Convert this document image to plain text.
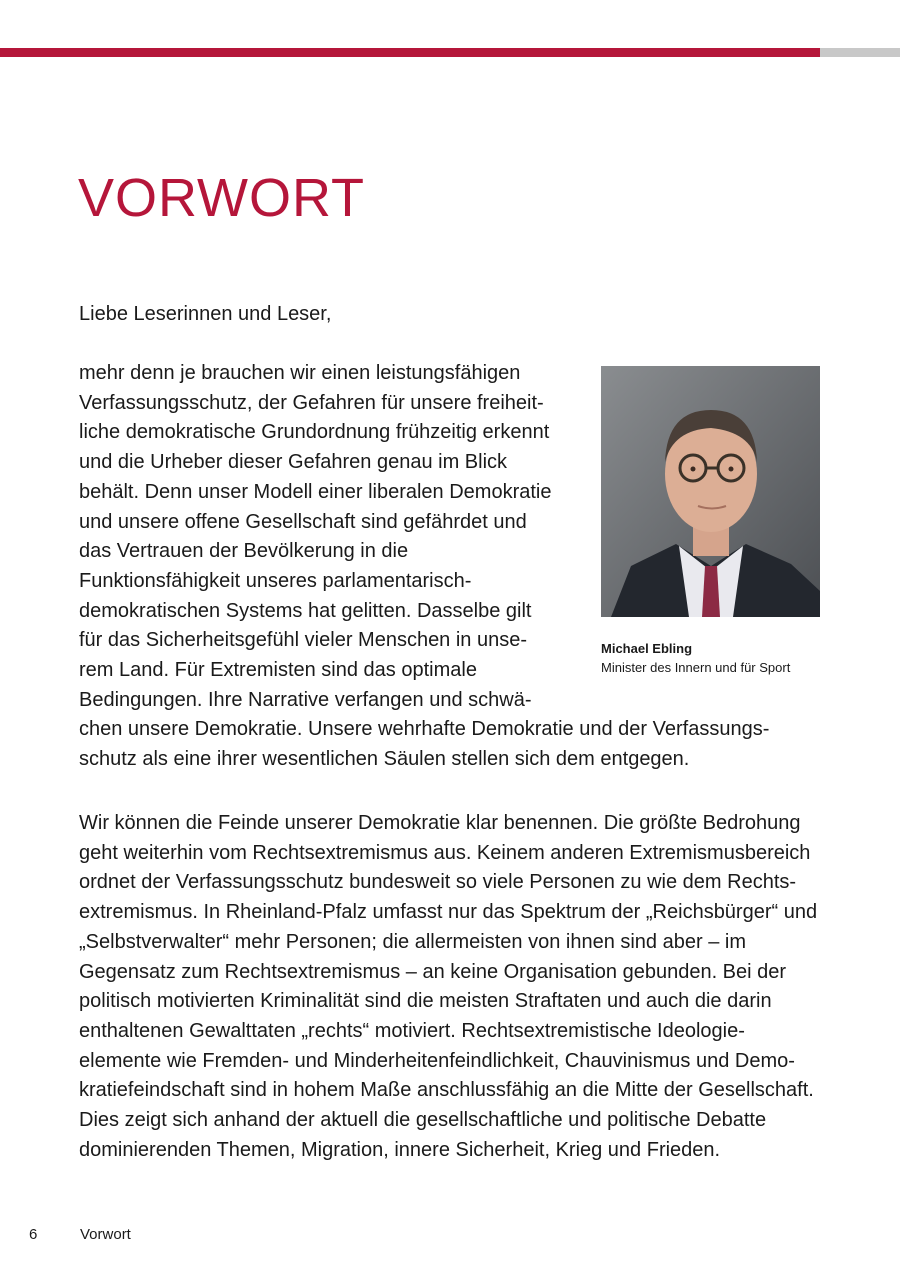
VORWORT

Liebe Leserinnen und Leser,

mehr denn je brauchen wir einen leistungsfähigen Verfassungsschutz, der Gefahren für unsere freiheit-liche demokratische Grundordnung frühzeitig erkennt und die Urheber dieser Gefahren genau im Blick behält. Denn unser Modell einer liberalen Demokratie und unsere offene Gesellschaft sind gefährdet und das Vertrauen der Bevölkerung in die Funktionsfähigkeit unseres parlamentarisch-demokratischen Systems hat gelitten. Dasselbe gilt für das Sicherheitsgefühl vieler Menschen in unse-rem Land. Für Extremisten sind das optimale Bedingungen. Ihre Narrative verfangen und schwä-chen unsere Demokratie. Unsere wehrhafte Demokratie und der Verfassungs-schutz als eine ihrer wesentlichen Säulen stellen sich dem entgegen.

Michael Ebling

Minister des Innern und für Sport

Wir können die Feinde unserer Demokratie klar benennen. Die größte Bedrohung geht weiterhin vom Rechtsextremismus aus. Keinem anderen Extremismusbereich ordnet der Verfassungsschutz bundesweit so viele Personen zu wie dem Rechts-extremismus. In Rheinland-Pfalz umfasst nur das Spektrum der „Reichsbürger“ und „Selbstverwalter“ mehr Personen; die allermeisten von ihnen sind aber – im Gegensatz zum Rechtsextremismus – an keine Organisation gebunden. Bei der politisch motivierten Kriminalität sind die meisten Straftaten und auch die darin enthaltenen Gewalttaten „rechts“ motiviert. Rechtsextremistische Ideologie-elemente wie Fremden- und Minderheitenfeindlichkeit, Chauvinismus und Demo-kratiefeindschaft sind in hohem Maße anschlussfähig an die Mitte der Gesellschaft. Dies zeigt sich anhand der aktuell die gesellschaftliche und politische Debatte dominierenden Themen, Migration, innere Sicherheit, Krieg und Frieden.
6	Vorwort
